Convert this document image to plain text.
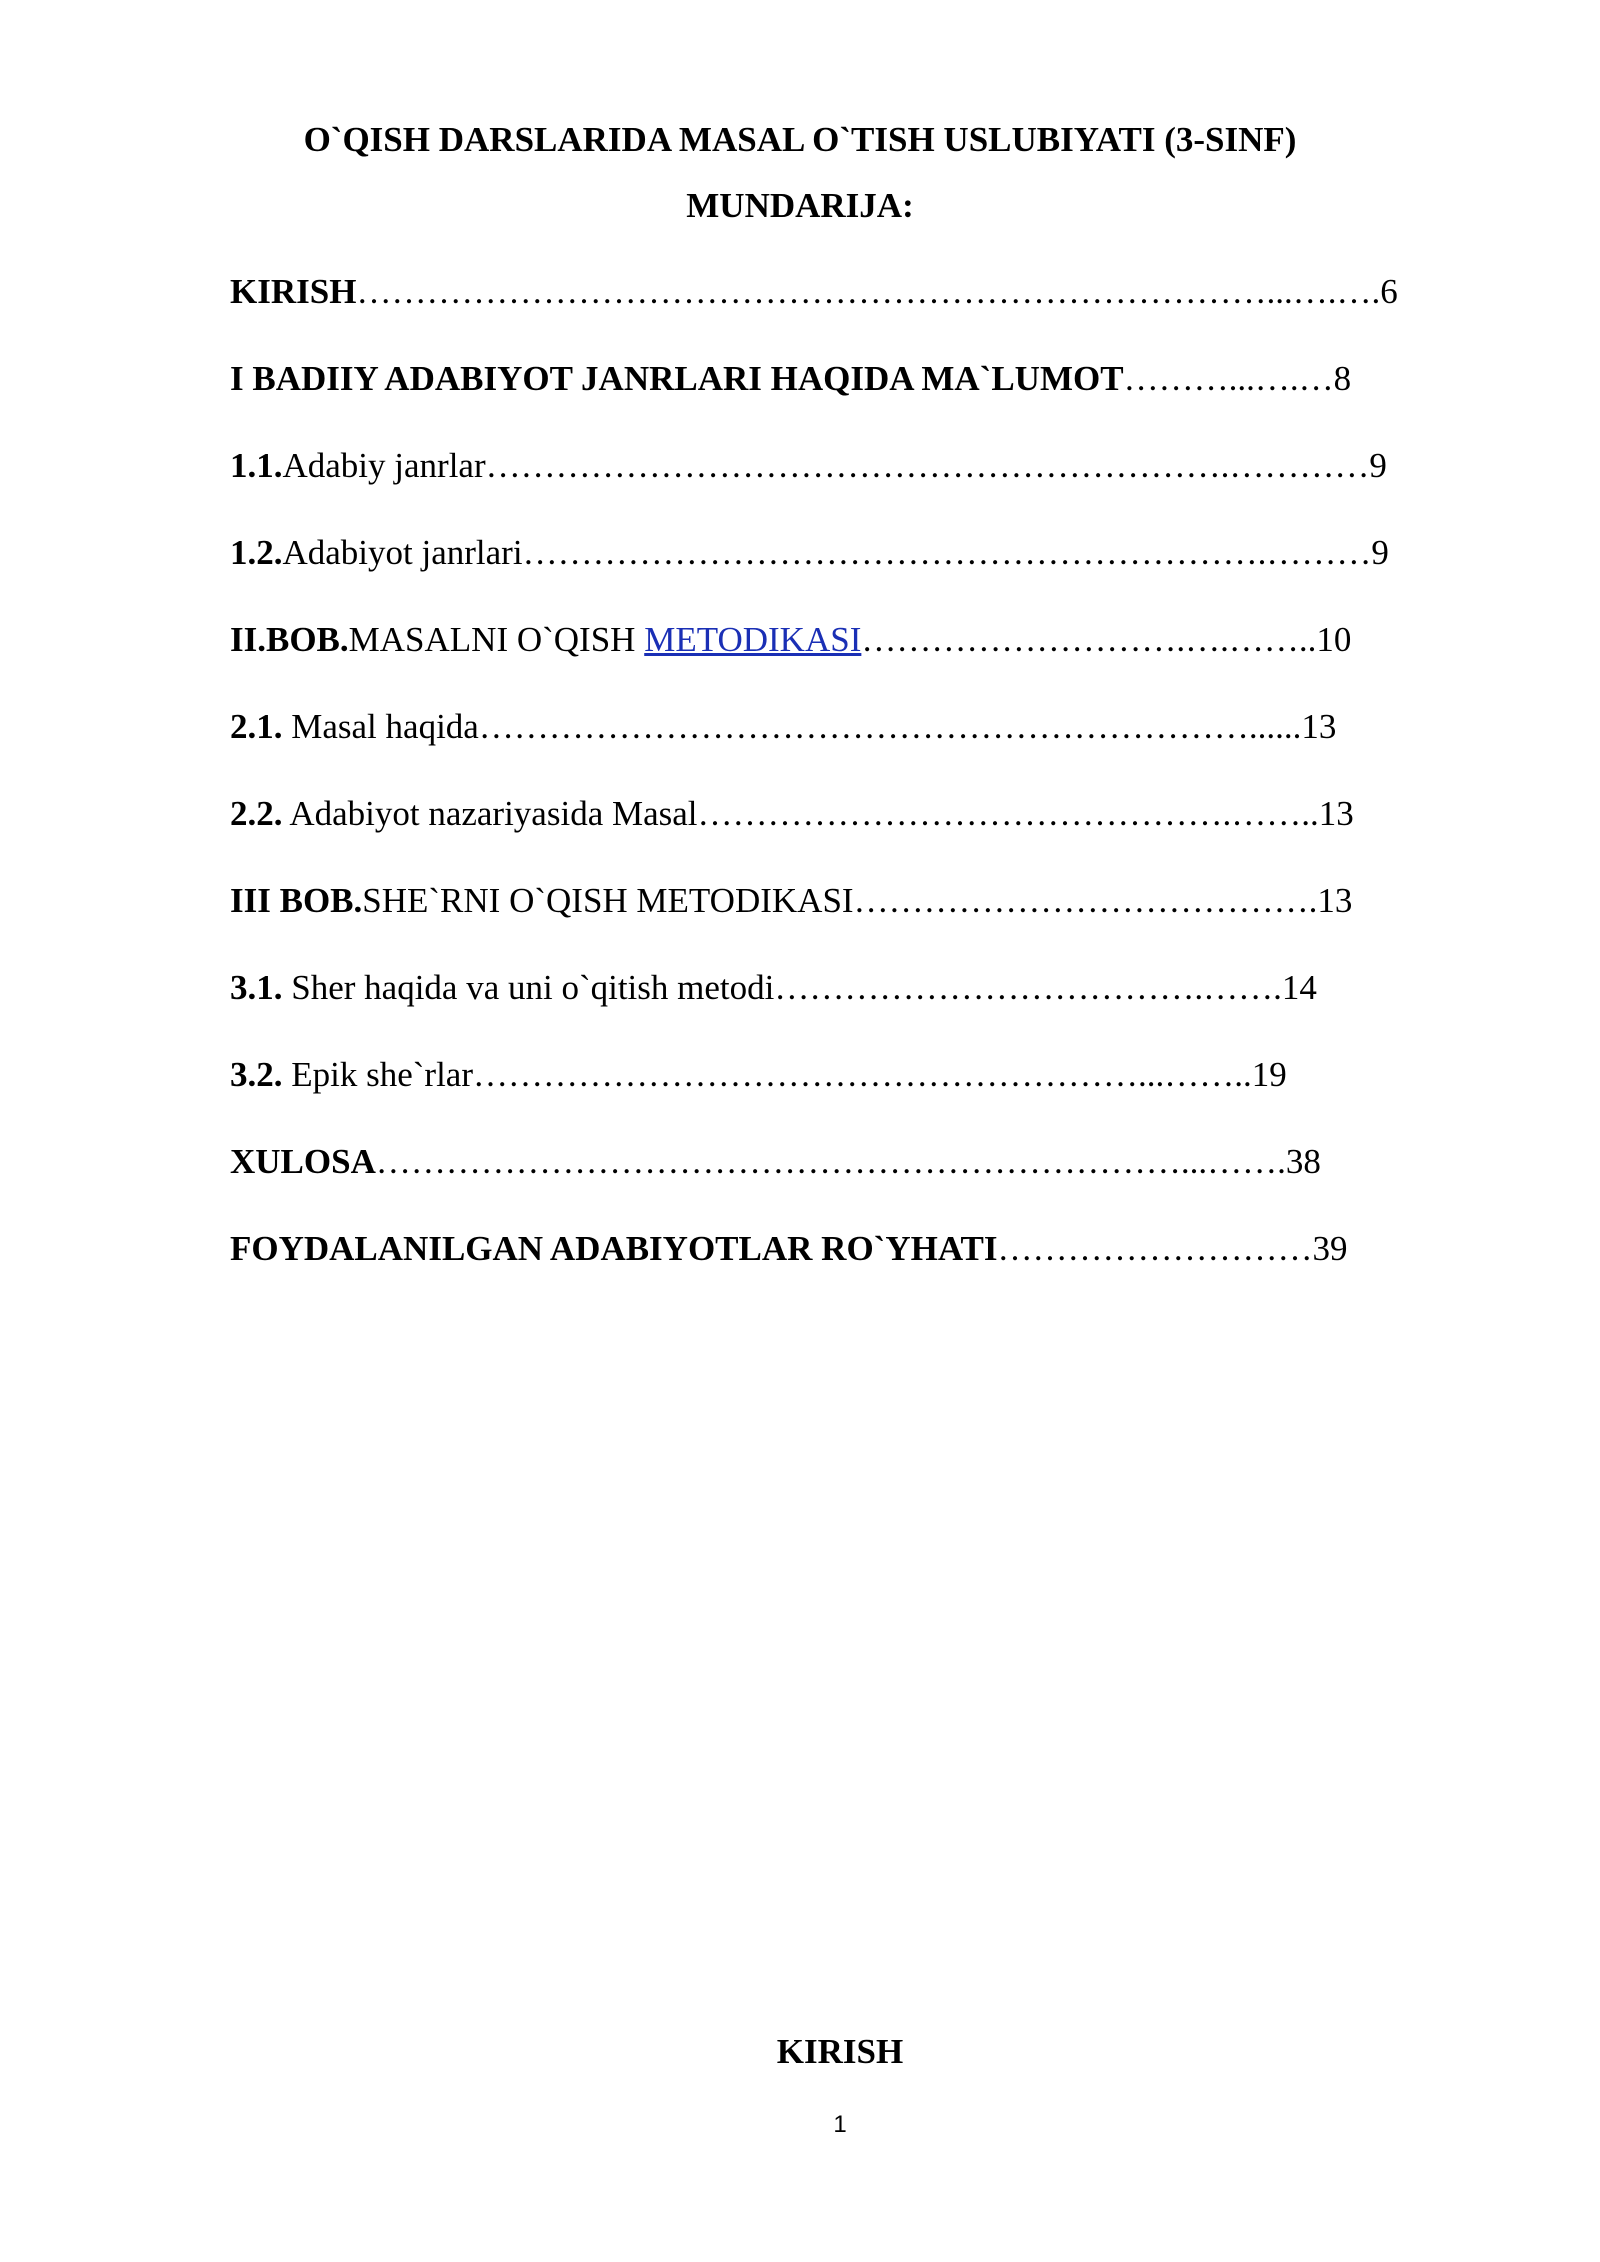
O`QISH DARSLARIDA MASAL O`TISH USLUBIYATI (3-SINF)
MUNDARIJA:
KIRISH……………………………………………………………………...….….6
I BADIIY ADABIYOT JANRLARI HAQIDA MA`LUMOT………...….…8
1.1.Adabiy janrlar……………………………………………………….…………9
1.2.Adabiyot janrlari……………………………………………………….………9
II.BOB.MASALNI O`QISH METODIKASI……………………….….……..10
2.1. Masal haqida…………………………………………………………......13
2.2. Adabiyot nazariyasida Masal……………………………………….……..13
III BOB.SHE`RNI O`QISH METODIKASI………………………………….13
3.1. Sher haqida va uni o`qitish metodi……………………………….…….14
3.2. Epik she`rlar…………………………………………………...……..19
XULOSA……………………………………………………………...…….38
FOYDALANILGAN ADABIYOTLAR RO`YHATI………………………39
KIRISH
1
